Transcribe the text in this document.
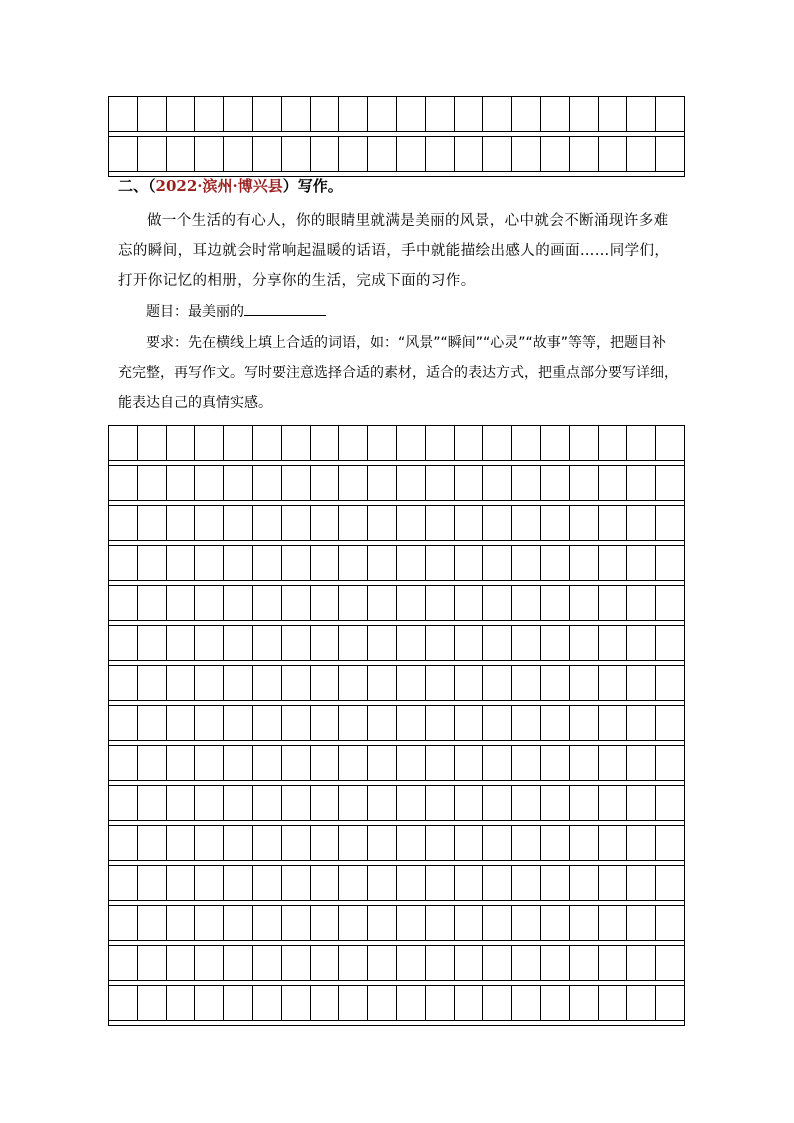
二、（2022·滨州·博兴县）写作。

做一个生活的有心人，你的眼睛里就满是美丽的风景，心中就会不断涌现许多难忘的瞬间，耳边就会时常响起温暖的话语，手中就能描绘出感人的画面……同学们，打开你记忆的相册，分享你的生活，完成下面的习作。

题目：最美丽的

要求：先在横线上填上合适的词语，如：“风景”“瞬间”“心灵”“故事”等等，把题目补充完整，再写作文。写时要注意选择合适的素材，适合的表达方式，把重点部分要写详细，能表达自己的真情实感。
